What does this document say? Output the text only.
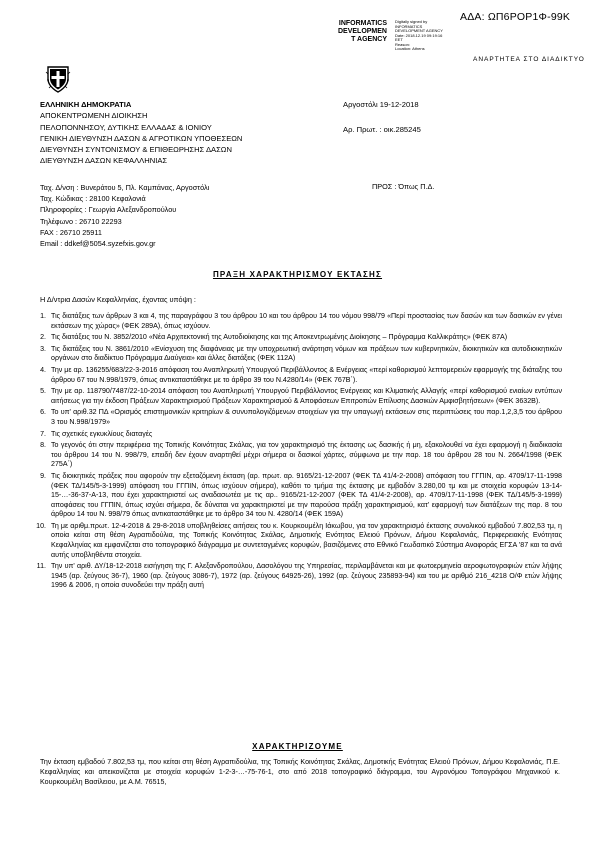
ΑΔΑ: ΩΠ6ΡΟΡ1Φ-99Κ
INFORMATICS
DEVELOPMEN
T AGENCY
Digitally signed by
INFORMATICS
DEVELOPMENT AGENCY
Date: 2018.12.19 09:19:16
EET
Reason:
Location: Athens
ΑΝΑΡΤΗΤΕΑ ΣΤΟ ΔΙΑΔΙΚΤΥΟ
ΕΛΛΗΝΙΚΗ ΔΗΜΟΚΡΑΤΙΑ
ΑΠΟΚΕΝΤΡΩΜΕΝΗ ΔΙΟΙΚΗΣΗ
ΠΕΛΟΠΟΝΝΗΣΟΥ, ΔΥΤΙΚΗΣ ΕΛΛΑΔΑΣ & ΙΟΝΙΟΥ
ΓΕΝΙΚΗ ΔΙΕΥΘΥΝΣΗ ΔΑΣΩΝ & ΑΓΡΟΤΙΚΩΝ ΥΠΟΘΕΣΕΩΝ
ΔΙΕΥΘΥΝΣΗ ΣΥΝΤΟΝΙΣΜΟΥ & ΕΠΙΘΕΩΡΗΣΗΣ ΔΑΣΩΝ
ΔΙΕΥΘΥΝΣΗ ΔΑΣΩΝ ΚΕΦΑΛΛΗΝΙΑΣ
Αργοστόλι 19-12-2018
Αρ. Πρωτ. : οικ.285245
Ταχ. Δ/νση : Βυνεράτου 5, Πλ. Καμπάνας, Αργοστόλι
Ταχ. Κώδικας : 28100 Κεφαλονιά
Πληροφορίες : Γεωργία Αλεξανδροπούλου
Τηλέφωνο : 26710 22293
FAX : 26710 25911
Email : ddkef@5054.syzefxis.gov.gr
ΠΡΟΣ : Όπως Π.Δ.
ΠΡΑΞΗ ΧΑΡΑΚΤΗΡΙΣΜΟΥ ΕΚΤΑΣΗΣ
Η Δ/ντρια Δασών Κεφαλληνίας, έχοντας υπόψη :
1. Τις διατάξεις των άρθρων 3 και 4, της παραγράφου 3 του άρθρου 10 και του άρθρου 14 του νόμου 998/79 «Περί προστασίας των δασών και των δασικών εν γένει εκτάσεων της χώρας» (ΦΕΚ 289Α), όπως ισχύουν.
2. Τις διατάξεις του Ν. 3852/2010 «Νέα Αρχιτεκτονική της Αυτοδιοίκησης και της Αποκεντρωμένης Διοίκησης – Πρόγραμμα Καλλικράτης» (ΦΕΚ 87Α)
3. Τις διατάξεις του Ν. 3861/2010 «Ενίσχυση της διαφάνειας με την υποχρεωτική ανάρτηση νόμων και πράξεων των κυβερνητικών, διοικητικών και αυτοδιοικητικών οργάνων στο διαδίκτυο Πρόγραμμα Διαύγεια» και άλλες διατάξεις (ΦΕΚ 112Α)
4. Την με αρ. 136255/683/22-3-2016 απόφαση του Αναπληρωτή Υπουργού Περιβάλλοντος & Ενέργειας «περί καθορισμού λεπτομερειών εφαρμογής της διάταξης του άρθρου 67 του Ν.998/1979, όπως αντικαταστάθηκε με το άρθρο 39 του Ν.4280/14» (ΦΕΚ 767Β΄).
5. Την με αρ. 118790/7487/22-10-2014 απόφαση του Αναπληρωτή Υπουργού Περιβάλλοντος Ενέργειας και Κλιματικής Αλλαγής «περί καθορισμού ενιαίων εντύπων αιτήσεως για την έκδοση Πράξεων Χαρακτηρισμού Πράξεων Χαρακτηρισμού & Αποφάσεων Επιτροπών Επίλυσης Δασικών Αμφισβητήσεων» (ΦΕΚ 3632Β).
6. Το υπ' αριθ.32 ΠΔ «Ορισμός επιστημονικών κριτηρίων & συνυπολογιζόμενων στοιχείων για την υπαγωγή εκτάσεων στις περιπτώσεις του παρ.1,2,3,5 του άρθρου 3 του Ν.998/1979»
7. Τις σχετικές εγκυκλίους διαταγές
8. Το γεγονός ότι στην περιφέρεια της Τοπικής Κοινότητας Σκάλας, για τον χαρακτηρισμό της έκτασης ως δασικής ή μη, εξακολουθεί να έχει εφαρμογή η διαδικασία του άρθρου 14 του Ν. 998/79, επειδή δεν έχουν αναρτηθεί μέχρι σήμερα οι δασικοί χάρτες, σύμφωνα με την παρ. 18 του άρθρου 28 του Ν. 2664/1998 (ΦΕΚ 275Α΄)
9. Τις διοικητικές πράξεις που αφορούν την εξεταζόμενη έκταση (αρ. πρωτ. αρ. 9165/21-12-2007 (ΦΕΚ ΤΔ 41/4-2-2008) απόφαση του ΓΓΠΙΝ, αρ. 4709/17-11-1998 (ΦΕΚ ΤΔ/145/5-3-1999) απόφαση του ΓΓΠΙΝ, όπως ισχύουν σήμερα), καθότι το τμήμα της έκτασης με εμβαδόν 3.280,00 τμ και με στοιχεία κορυφών 13-14-15-…-36-37-Α-13, που έχει χαρακτηριστεί ως αναδασωτέα με τις αρ.. 9165/21-12-2007 (ΦΕΚ ΤΔ 41/4-2-2008), αρ. 4709/17-11-1998 (ΦΕΚ ΤΔ/145/5-3-1999) αποφάσεις του ΓΓΠΙΝ, όπως ισχύει σήμερα, δε δύναται να χαρακτηριστεί με την παρούσα πράξη χαρακτηρισμού, κατ' εφαρμογή των διατάξεων της παρ. 8 του άρθρου 14 του Ν. 998/79 όπως αντικαταστάθηκε με το άρθρο 34 του Ν. 4280/14 (ΦΕΚ 159Α)
10. Τη με αριθμ.πρωτ. 12-4-2018 & 29-8-2018 υποβληθείσες αιτήσεις του κ. Κουρκουμέλη Ιάκωβου, για τον χαρακτηρισμό έκτασης συνολικού εμβαδού 7.802,53 τμ, η οποία κείται στη θέση Αγραπιδούλια, της Τοπικής Κοινότητας Σκάλας, Δημοτικής Ενότητας Ελειού Πρόνων, Δήμου Κεφαλονιάς, Περιφερειακής Ενότητας Κεφαλληνίας και εμφανίζεται στο τοπογραφικό διάγραμμα με συντεταγμένες κορυφών, βασιζόμενες στο Εθνικό Γεωδαιτικό Σύστημα Αναφοράς ΕΓΣΑ '87 και τα ανά αυτής υποβληθέντα στοιχεία.
11. Την υπ' αριθ. ΔΥ/18-12-2018 εισήγηση της Γ. Αλεξανδροπούλου, Δασολόγου της Υπηρεσίας, περιλαμβάνεται και με φωτοερμηνεία αεροφωτογραφιών ετών λήψης 1945 (αρ. ζεύγους 36-7), 1960 (αρ. ζεύγους 3086-7), 1972 (αρ. ζεύγους 64925-26), 1992 (αρ. ζεύγους 235893-94) και του με αριθμό 216_4218 Ο/Φ ετών λήψης 1996 & 2006, η οποία συνοδεύει την πράξη αυτή
ΧΑΡΑΚΤΗΡΙΖΟΥΜΕ
Την έκταση εμβαδού 7.802,53 τμ, που κείται στη θέση Αγραπιδούλια, της Τοπικής Κοινότητας Σκάλας, Δημοτικής Ενότητας Ελειού Πρόνων, Δήμου Κεφαλονιάς, Π.Ε. Κεφαλληνίας και απεικονίζεται με στοιχεία κορυφών 1-2-3-…-75-76-1, στο από 2018 τοπογραφικό διάγραμμα, του Αγρονόμου Τοπογράφου Μηχανικού κ. Κουρκουμέλη Βασίλειου, με Α.Μ. 76515,
